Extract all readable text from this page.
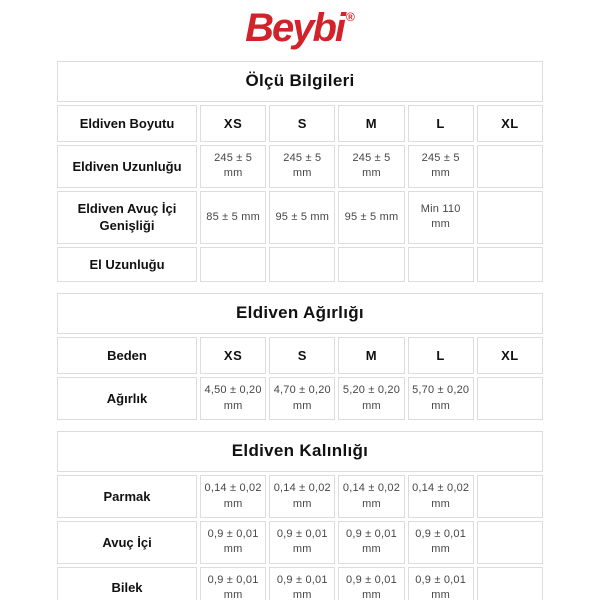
Beybi ®
Ölçü Bilgileri					
Eldiven Boyutu	XS	S	M	L	XL
Eldiven Uzunluğu	245 ± 5 mm	245 ± 5 mm	245 ± 5 mm	245 ± 5 mm	
Eldiven Avuç İçi Genişliği	85 ± 5 mm	95 ± 5 mm	95 ± 5 mm	Min 110 mm	
El Uzunluğu					
Eldiven Ağırlığı					
Beden	XS	S	M	L	XL
Ağırlık	4,50 ± 0,20 mm	4,70 ± 0,20 mm	5,20 ± 0,20 mm	5,70 ± 0,20 mm	
Eldiven Kalınlığı					
Parmak	0,14 ± 0,02 mm	0,14 ± 0,02 mm	0,14 ± 0,02 mm	0,14 ± 0,02 mm	
Avuç İçi	0,9 ± 0,01 mm	0,9 ± 0,01 mm	0,9 ± 0,01 mm	0,9 ± 0,01 mm	
Bilek	0,9 ± 0,01 mm	0,9 ± 0,01 mm	0,9 ± 0,01 mm	0,9 ± 0,01 mm	
